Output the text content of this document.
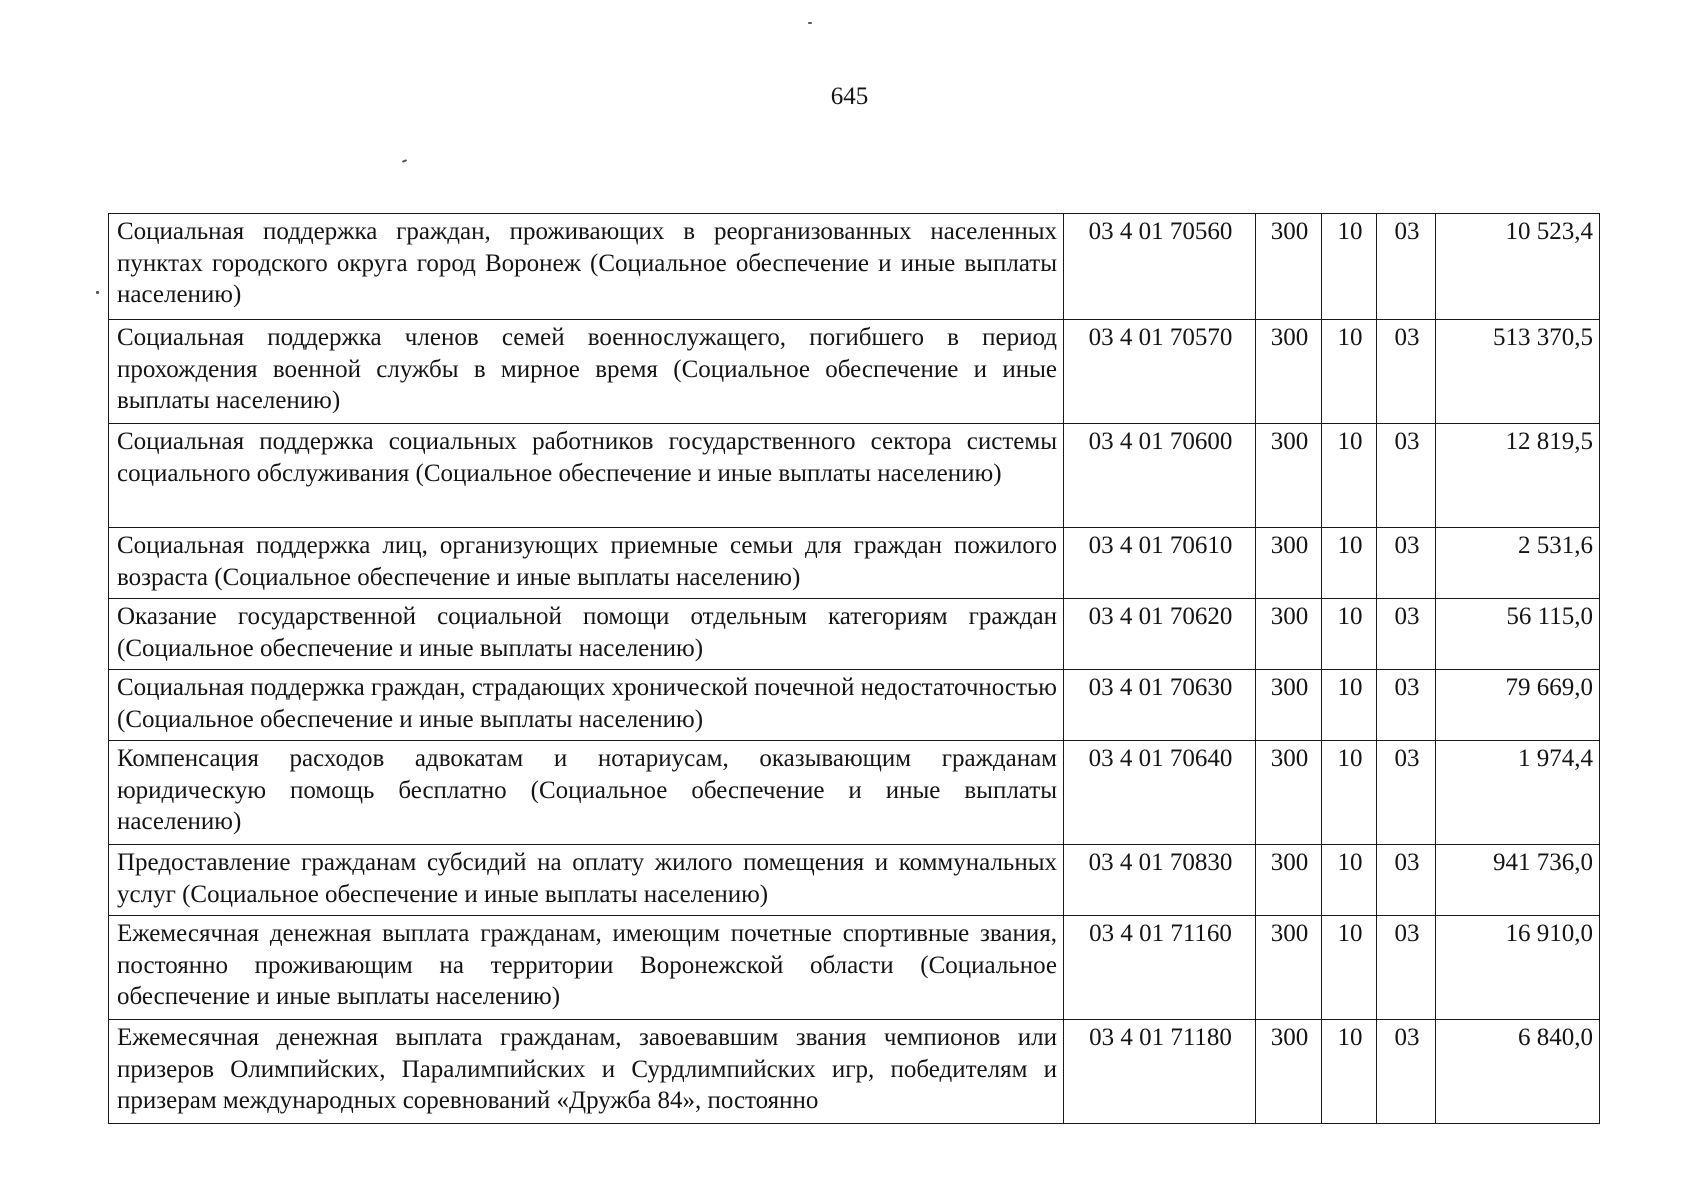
645
Социальная поддержка граждан, проживающих в реорганизованных населенных пунктах городского округа город Воронеж (Социальное обеспечение и иные выплаты населению)	03 4 01 70560	300	10	03	10 523,4
Социальная поддержка членов семей военнослужащего, погибшего в период прохождения военной службы в мирное время (Социальное обеспечение и иные выплаты населению)	03 4 01 70570	300	10	03	513 370,5
Социальная поддержка социальных работников государственного сектора системы социального обслуживания (Социальное обеспечение и иные выплаты населению)	03 4 01 70600	300	10	03	12 819,5
Социальная поддержка лиц, организующих приемные семьи для граждан пожилого возраста (Социальное обеспечение и иные выплаты населению)	03 4 01 70610	300	10	03	2 531,6
Оказание государственной социальной помощи отдельным категориям граждан (Социальное обеспечение и иные выплаты населению)	03 4 01 70620	300	10	03	56 115,0
Социальная поддержка граждан, страдающих хронической почечной недостаточностью (Социальное обеспечение и иные выплаты населению)	03 4 01 70630	300	10	03	79 669,0
Компенсация расходов адвокатам и нотариусам, оказывающим гражданам юридическую помощь бесплатно (Социальное обеспечение и иные выплаты населению)	03 4 01 70640	300	10	03	1 974,4
Предоставление гражданам субсидий на оплату жилого помещения и коммунальных услуг (Социальное обеспечение и иные выплаты населению)	03 4 01 70830	300	10	03	941 736,0
Ежемесячная денежная выплата гражданам, имеющим почетные спортивные звания, постоянно проживающим на территории Воронежской области (Социальное обеспечение и иные выплаты населению)	03 4 01 71160	300	10	03	16 910,0
Ежемесячная денежная выплата гражданам, завоевавшим звания чемпионов или призеров Олимпийских, Паралимпийских и Сурдлимпийских игр, победителям и призерам международных соревнований «Дружба 84», постоянно	03 4 01 71180	300	10	03	6 840,0
